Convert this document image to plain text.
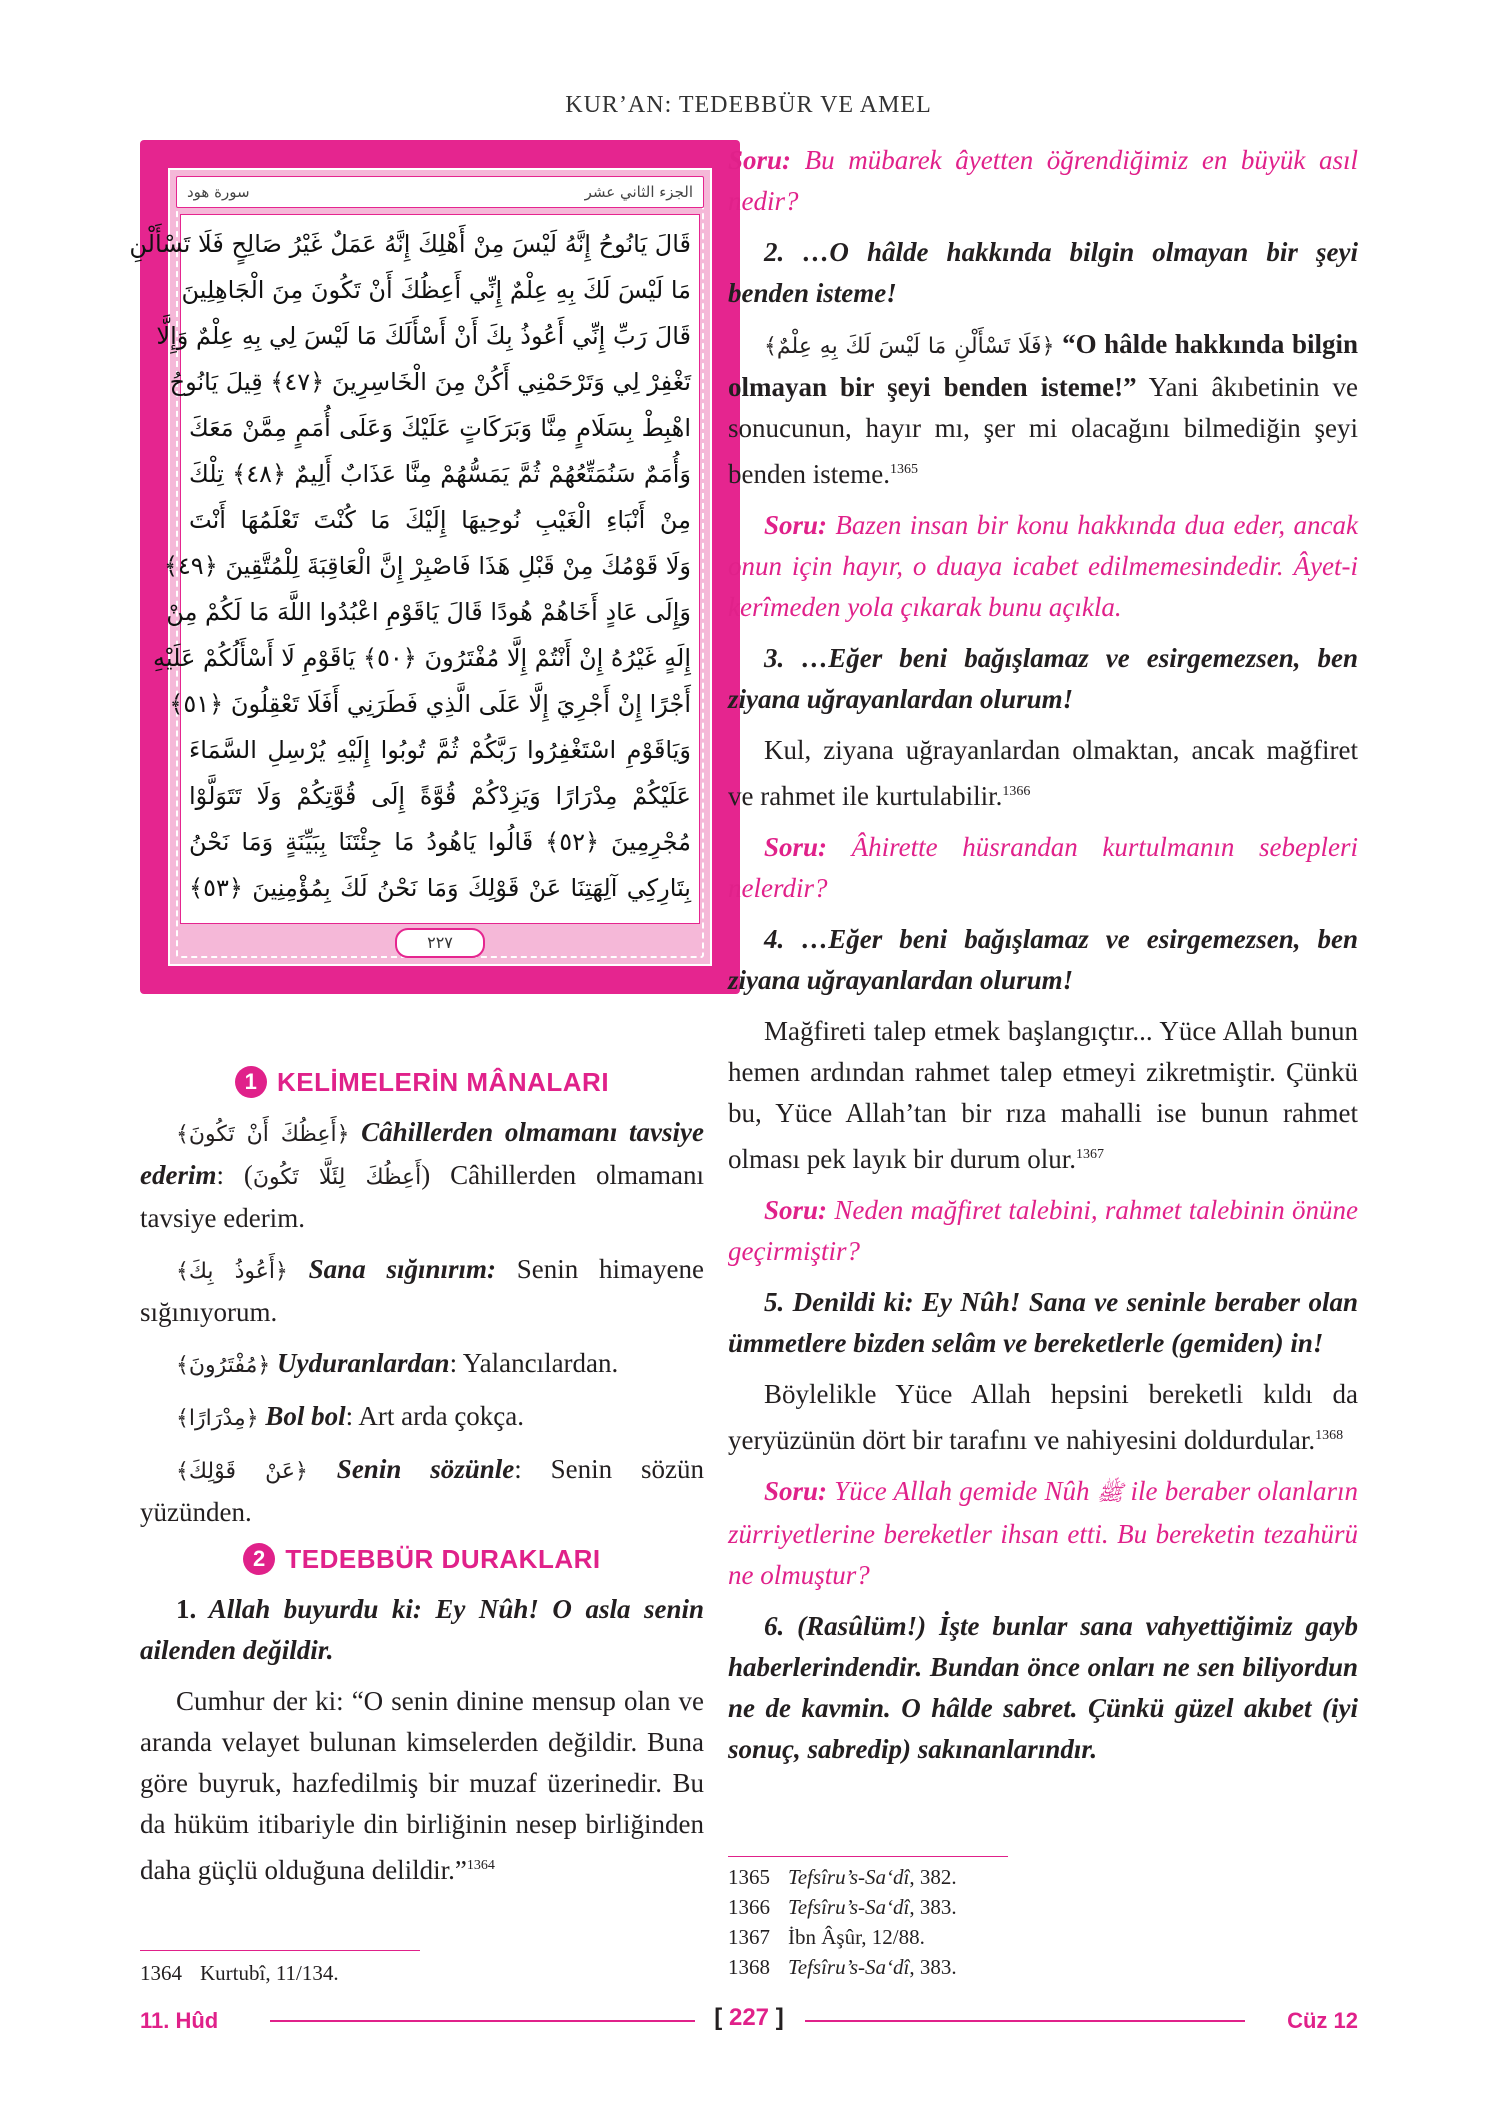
KUR’AN: TEDEBBÜR VE AMEL
الجزء الثاني عشر
سورة هود
قَالَ يَانُوحُ إِنَّهُ لَيْسَ مِنْ أَهْلِكَ إِنَّهُ عَمَلٌ غَيْرُ صَالِحٍ فَلَا تَسْأَلْنِ
مَا لَيْسَ لَكَ بِهِ عِلْمٌ إِنِّي أَعِظُكَ أَنْ تَكُونَ مِنَ الْجَاهِلِينَ
قَالَ رَبِّ إِنِّي أَعُوذُ بِكَ أَنْ أَسْأَلَكَ مَا لَيْسَ لِي بِهِ عِلْمٌ وَإِلَّا
تَغْفِرْ لِي وَتَرْحَمْنِي أَكُنْ مِنَ الْخَاسِرِينَ ﴿٤٧﴾ قِيلَ يَانُوحُ
اهْبِطْ بِسَلَامٍ مِنَّا وَبَرَكَاتٍ عَلَيْكَ وَعَلَى أُمَمٍ مِمَّنْ مَعَكَ
وَأُمَمٌ سَنُمَتِّعُهُمْ ثُمَّ يَمَسُّهُمْ مِنَّا عَذَابٌ أَلِيمٌ ﴿٤٨﴾ تِلْكَ
مِنْ أَنْبَاءِ الْغَيْبِ نُوحِيهَا إِلَيْكَ مَا كُنْتَ تَعْلَمُهَا أَنْتَ
وَلَا قَوْمُكَ مِنْ قَبْلِ هَذَا فَاصْبِرْ إِنَّ الْعَاقِبَةَ لِلْمُتَّقِينَ ﴿٤٩﴾
وَإِلَى عَادٍ أَخَاهُمْ هُودًا قَالَ يَاقَوْمِ اعْبُدُوا اللَّهَ مَا لَكُمْ مِنْ
إِلَهٍ غَيْرُهُ إِنْ أَنْتُمْ إِلَّا مُفْتَرُونَ ﴿٥٠﴾ يَاقَوْمِ لَا أَسْأَلُكُمْ عَلَيْهِ
أَجْرًا إِنْ أَجْرِيَ إِلَّا عَلَى الَّذِي فَطَرَنِي أَفَلَا تَعْقِلُونَ ﴿٥١﴾
وَيَاقَوْمِ اسْتَغْفِرُوا رَبَّكُمْ ثُمَّ تُوبُوا إِلَيْهِ يُرْسِلِ السَّمَاءَ
عَلَيْكُمْ مِدْرَارًا وَيَزِدْكُمْ قُوَّةً إِلَى قُوَّتِكُمْ وَلَا تَتَوَلَّوْا
مُجْرِمِينَ ﴿٥٢﴾ قَالُوا يَاهُودُ مَا جِئْتَنَا بِبَيِّنَةٍ وَمَا نَحْنُ
بِتَارِكِي آلِهَتِنَا عَنْ قَوْلِكَ وَمَا نَحْنُ لَكَ بِمُؤْمِنِينَ ﴿٥٣﴾
٢٢٧
1 KELİMELERİN MÂNALARI

﴿أَعِظُكَ أَنْ تَكُونَ﴾ Câhillerden olmamanı tavsiye ederim: (أَعِظُكَ لِئَلَّا تَكُونَ) Câhillerden olmamanı tavsiye ederim.

﴿أَعُوذُ بِكَ﴾ Sana sığınırım: Senin himayene sığınıyorum.

﴿مُفْتَرُونَ﴾ Uyduranlardan: Yalancılardan.

﴿مِدْرَارًا﴾ Bol bol: Art arda çokça.

﴿عَنْ قَوْلِكَ﴾ Senin sözünle: Senin sözün yüzünden.

2 TEDEBBÜR DURAKLARI

1. Allah buyurdu ki: Ey Nûh! O asla senin ailenden değildir.

Cumhur der ki: “O senin dinine mensup olan ve aranda velayet bulunan kimselerden değildir. Buna göre buyruk, hazfedilmiş bir muzaf üzerinedir. Bu da hüküm itibariyle din birliğinin nesep birliğinden daha güçlü olduğuna delildir.”$^{1364}$

Soru: Bu mübarek âyetten öğrendiğimiz en büyük asıl nedir?

2. …O hâlde hakkında bilgin olmayan bir şeyi benden isteme!

﴿فَلَا تَسْأَلْنِ مَا لَيْسَ لَكَ بِهِ عِلْمٌ﴾ “O hâlde hakkında bilgin olmayan bir şeyi benden isteme!” Yani âkıbetinin ve sonucunun, hayır mı, şer mi olacağını bilmediğin şeyi benden isteme.$^{1365}$

Soru: Bazen insan bir konu hakkında dua eder, ancak onun için hayır, o duaya icabet edilmemesindedir. Âyet-i kerîmeden yola çıkarak bunu açıkla.

3. …Eğer beni bağışlamaz ve esirgemezsen, ben ziyana uğrayanlardan olurum!

Kul, ziyana uğrayanlardan olmaktan, ancak mağfiret ve rahmet ile kurtulabilir.$^{1366}$

Soru: Âhirette hüsrandan kurtulmanın sebepleri nelerdir?

4. …Eğer beni bağışlamaz ve esirgemezsen, ben ziyana uğrayanlardan olurum!

Mağfireti talep etmek başlangıçtır... Yüce Allah bunun hemen ardından rahmet talep etmeyi zikretmiştir. Çünkü bu, Yüce Allah’tan bir rıza mahalli ise bunun rahmet olması pek layık bir durum olur.$^{1367}$

Soru: Neden mağfiret talebini, rahmet talebinin önüne geçirmiştir?

5. Denildi ki: Ey Nûh! Sana ve seninle beraber olan ümmetlere bizden selâm ve bereketlerle (gemiden) in!

Böylelikle Yüce Allah hepsini bereketli kıldı da yeryüzünün dört bir tarafını ve nahiyesini doldurdular.$^{1368}$

Soru: Yüce Allah gemide Nûh ﷺ ile beraber olanların zürriyetlerine bereketler ihsan etti. Bu bereketin tezahürü ne olmuştur?

6. (Rasûlüm!) İşte bunlar sana vahyettiğimiz gayb haberlerindendir. Bundan önce onları ne sen biliyordun ne de kavmin. O hâlde sabret. Çünkü güzel akıbet (iyi sonuç, sabredip) sakınanlarındır.

1364 Kurtubî, 11/134.
1365 Tefsîru’s-Sa‘dî, 382.
1366 Tefsîru’s-Sa‘dî, 383.
1367 İbn Âşûr, 12/88.
1368 Tefsîru’s-Sa‘dî, 383.
11. Hûd	[ 227 ]	Cüz 12
